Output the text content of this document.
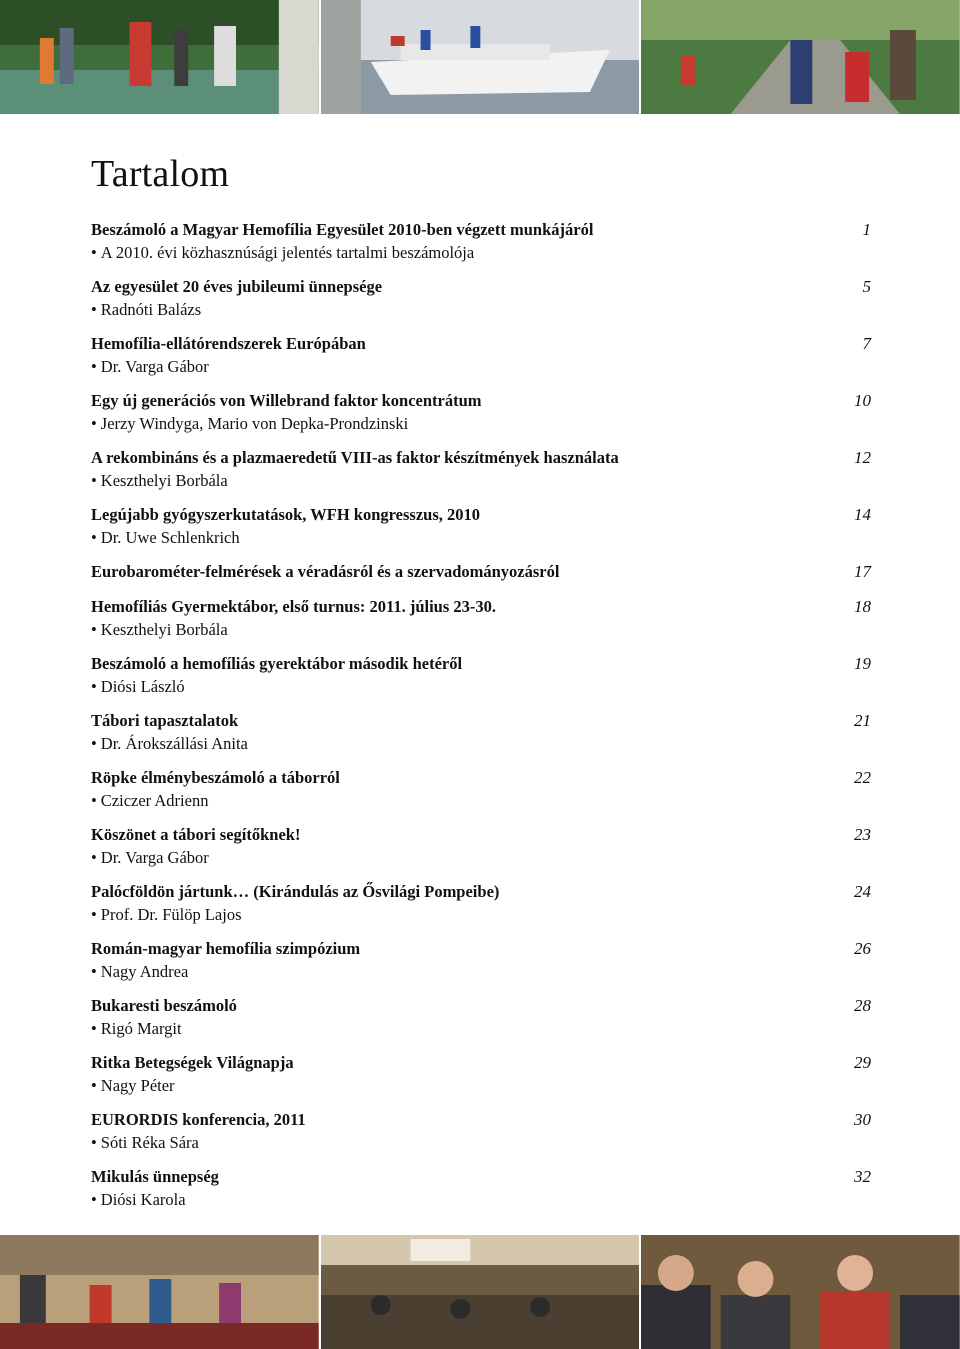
Tartalom
Beszámoló a Magyar Hemofília Egyesület 2010-ben végzett munkájáról	1
• A 2010. évi közhasznúsági jelentés tartalmi beszámolója
Az egyesület 20 éves jubileumi ünnepsége	5
• Radnóti Balázs
Hemofília-ellátórendszerek Európában	7
• Dr. Varga Gábor
Egy új generációs von Willebrand faktor koncentrátum	10
• Jerzy Windyga, Mario von Depka-Prondzinski
A rekombináns és a plazmaeredetű VIII-as faktor készítmények használata	12
• Keszthelyi Borbála
Legújabb gyógyszerkutatások, WFH kongresszus, 2010	14
• Dr. Uwe Schlenkrich
Eurobarométer-felmérések a véradásról és a szervadományozásról	17
Hemofíliás Gyermektábor, első turnus: 2011. július 23-30.	18
• Keszthelyi Borbála
Beszámoló a hemofíliás gyerektábor második hetéről	19
• Diósi László
Tábori tapasztalatok	21
• Dr. Árokszállási Anita
Röpke élménybeszámoló a táborról	22
• Cziczer Adrienn
Köszönet a tábori segítőknek!	23
• Dr. Varga Gábor
Palócföldön jártunk… (Kirándulás az Ősvilági Pompeibe)	24
• Prof. Dr. Fülöp Lajos
Román-magyar hemofília szimpózium	26
• Nagy Andrea
Bukaresti beszámoló	28
• Rigó Margit
Ritka Betegségek Világnapja	29
• Nagy Péter
EURORDIS konferencia, 2011	30
• Sóti Réka Sára
Mikulás ünnepség	32
• Diósi Karola
